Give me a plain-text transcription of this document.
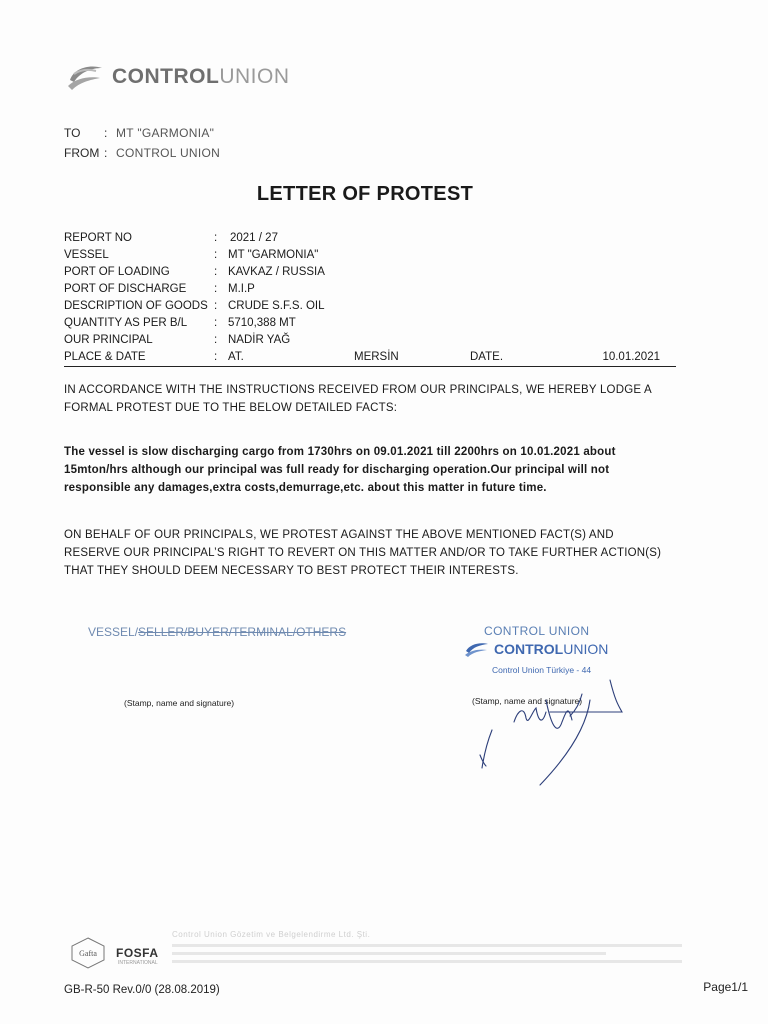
CONTROLUNION
TO : MT "GARMONIA"
FROM : CONTROL UNION
LETTER OF PROTEST
REPORT NO	: 2021 / 27
VESSEL	: MT "GARMONIA"
PORT OF LOADING	: KAVKAZ / RUSSIA
PORT OF DISCHARGE : M.I.P
DESCRIPTION OF GOODS : CRUDE S.F.S. OIL
QUANTITY AS PER B/L : 5710,388 MT
OUR PRINCIPAL	: NADİR YAĞ
PLACE & DATE	: AT.	MERSİN	DATE.	10.01.2021
IN ACCORDANCE WITH THE INSTRUCTIONS RECEIVED FROM OUR PRINCIPALS, WE HEREBY LODGE A FORMAL PROTEST DUE TO THE BELOW DETAILED FACTS:
The vessel is slow discharging cargo from 1730hrs on 09.01.2021 till 2200hrs on 10.01.2021 about 15mton/hrs although our principal was full ready for discharging operation.Our principal will not responsible any damages,extra costs,demurrage,etc. about this matter in future time.
ON BEHALF OF OUR PRINCIPALS, WE PROTEST AGAINST THE ABOVE MENTIONED FACT(S) AND RESERVE OUR PRINCIPAL’S RIGHT TO REVERT ON THIS MATTER AND/OR TO TAKE FURTHER ACTION(S) THAT THEY SHOULD DEEM NECESSARY TO BEST PROTECT THEIR INTERESTS.
VESSEL/SELLER/BUYER/TERMINAL/OTHERS
(Stamp, name and signature)
CONTROL UNION
CONTROLUNION
Control Union Türkiye - 44
(Stamp, name and signature)
Gafta FOSFA
INTERNATIONAL
Control Union Gözetim ve Belgelendirme Ltd. Şti.
GB-R-50 Rev.0/0 (28.08.2019)	Page1/1
